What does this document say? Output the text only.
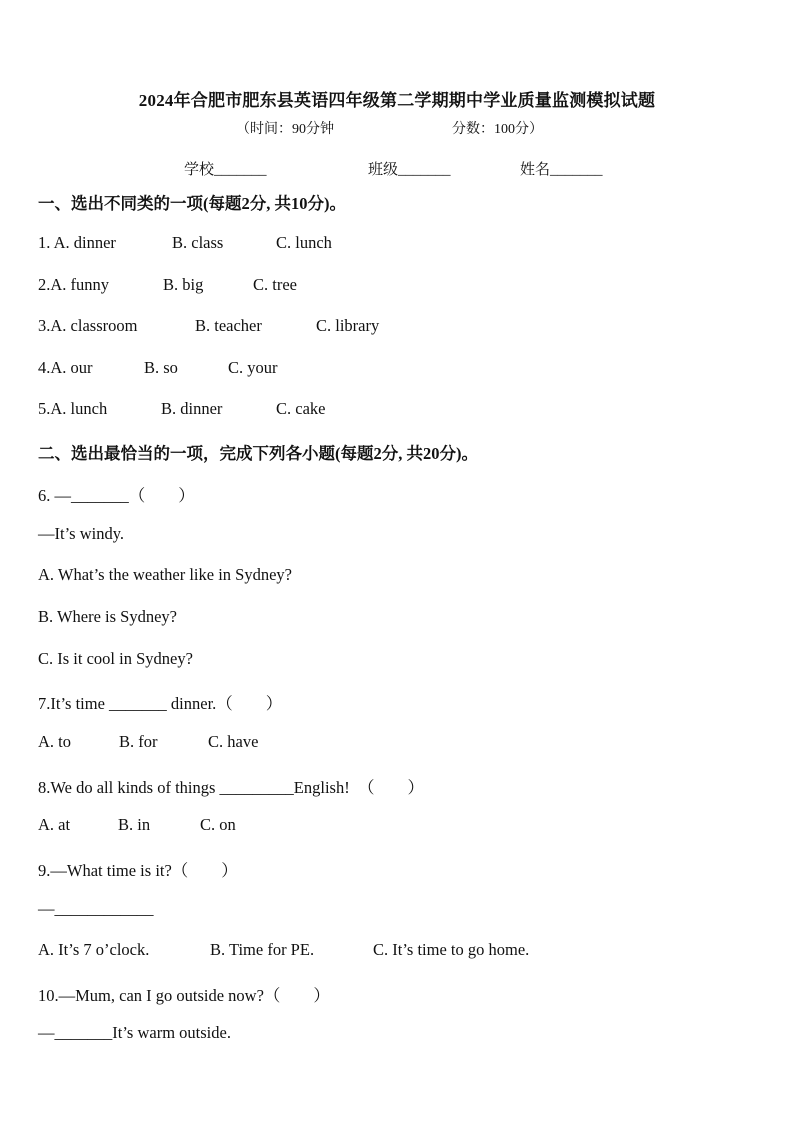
2024年合肥市肥东县英语四年级第二学期期中学业质量监测模拟试题
（时间：90分钟	分数：100分）
学校_______	班级_______	姓名_______
一、选出不同类的一项(每题2分, 共10分)。
1. A. dinner	B. class	C. lunch
2.A. funny	B. big	C. tree
3.A. classroom	B. teacher	C. library
4.A. our	B. so	C. your
5.A. lunch	B. dinner	C. cake
二、选出最恰当的一项，完成下列各小题(每题2分, 共20分)。
6. —_______（　　）
—It’s windy.
A. What’s the weather like in Sydney?
B. Where is Sydney?
C. Is it cool in Sydney?
7.It’s time _______ dinner.（　　）
A. to	B. for	C. have
8.We do all kinds of things _________English!  （　　）
A. at	B. in	C. on
9.—What time is it?（　　）
—____________
A. It’s 7 o’clock.	B. Time for PE.	C. It’s time to go home.
10.—Mum, can I go outside now?（　　）
—_______It’s warm outside.
